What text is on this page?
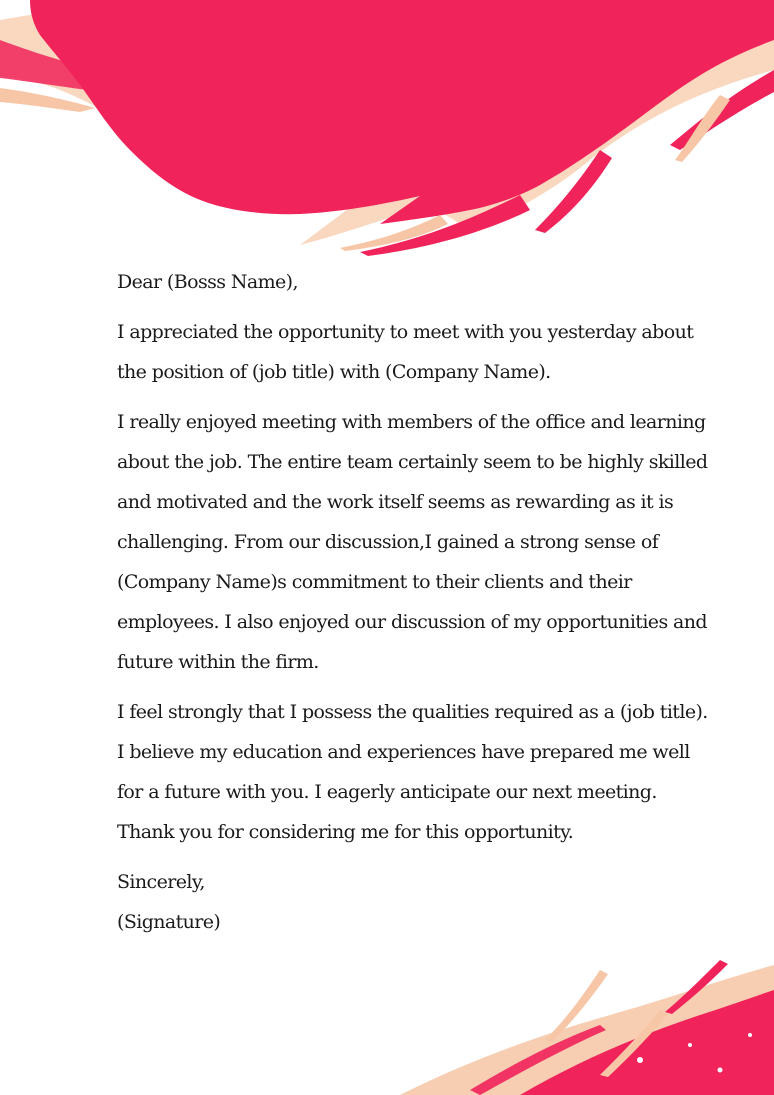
Dear (Bosss Name),

I appreciated the opportunity to meet with you yesterday about the position of (job title) with (Company Name).

I really enjoyed meeting with members of the office and learning about the job. The entire team certainly seem to be highly skilled and motivated and the work itself seems as rewarding as it is challenging. From our discussion,I gained a strong sense of (Company Name)s commitment to their clients and their employees. I also enjoyed our discussion of my opportunities and future within the firm.

I feel strongly that I possess the qualities required as a (job title). I believe my education and experiences have prepared me well for a future with you. I eagerly anticipate our next meeting. Thank you for considering me for this opportunity.

Sincerely,

(Signature)
